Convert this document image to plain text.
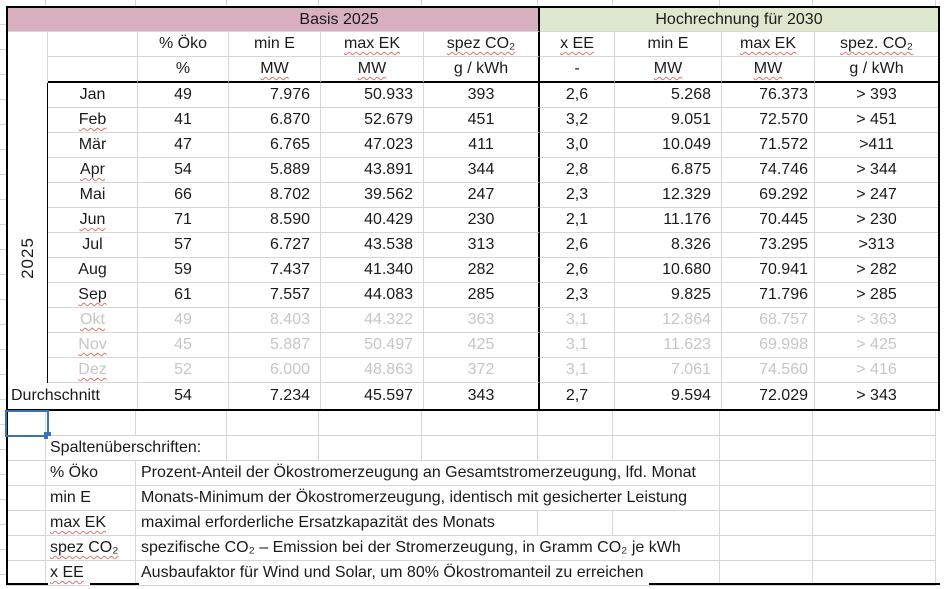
Basis 2025	Hochrechnung für 2030
% Öko	min E	max EK	spez CO₂	x EE	min E	max EK	spez. CO₂
%	MW	MW	g / kWh	-	MW	MW	g / kWh
Jan	49	7.976	50.933	393	2,6	5.268	76.373	> 393
Feb	41	6.870	52.679	451	3,2	9.051	72.570	> 451
Mär	47	6.765	47.023	411	3,0	10.049	71.572	>411
Apr	54	5.889	43.891	344	2,8	6.875	74.746	> 344
Mai	66	8.702	39.562	247	2,3	12.329	69.292	> 247
Jun	71	8.590	40.429	230	2,1	11.176	70.445	> 230
Jul	57	6.727	43.538	313	2,6	8.326	73.295	>313
Aug	59	7.437	41.340	282	2,6	10.680	70.941	> 282
Sep	61	7.557	44.083	285	2,3	9.825	71.796	> 285
Okt	49	8.403	44.322	363	3,1	12.864	68.757	> 363
Nov	45	5.887	50.497	425	3,1	11.623	69.998	> 425
Dez	52	6.000	48.863	372	3,1	7.061	74.560	> 416
Durchschnitt	54	7.234	45.597	343	2,7	9.594	72.029	> 343
2025
Spaltenüberschriften:
% Öko	Prozent-Anteil der Ökostromerzeugung an Gesamtstromerzeugung, lfd. Monat
min E	Monats-Minimum der Ökostromerzeugung, identisch mit gesicherter Leistung
max EK	maximal erforderliche Ersatzkapazität des Monats
spez CO₂	spezifische CO₂ – Emission bei der Stromerzeugung, in Gramm CO₂ je kWh
x EE	Ausbaufaktor für Wind und Solar, um 80% Ökostromanteil zu erreichen
